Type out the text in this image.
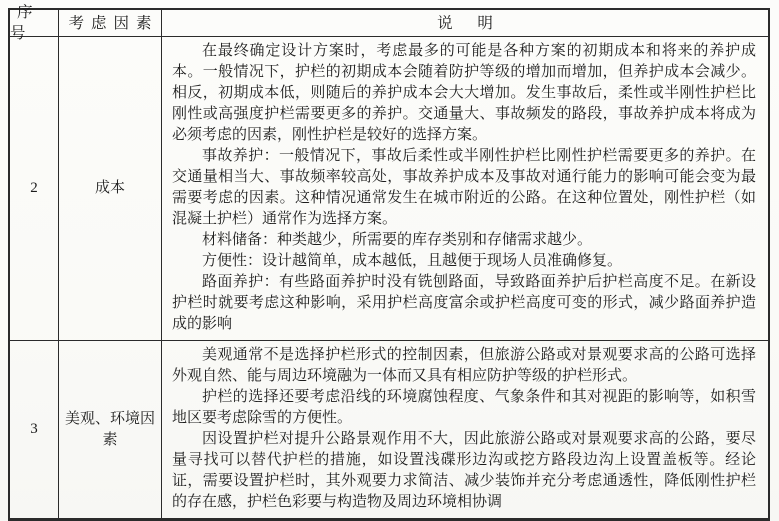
序号
考虑因素	说明
2	成本

在最终确定设计方案时，考虑最多的可能是各种方案的初期成本和将来的养护成本。一般情况下，护栏的初期成本会随着防护等级的增加而增加，但养护成本会减少。相反，初期成本低，则随后的养护成本会大大增加。发生事故后，柔性或半刚性护栏比刚性或高强度护栏需要更多的养护。交通量大、事故频发的路段，事故养护成本将成为必须考虑的因素，刚性护栏是较好的选择方案。

事故养护：一般情况下，事故后柔性或半刚性护栏比刚性护栏需要更多的养护。在交通量相当大、事故频率较高处，事故养护成本及事故对通行能力的影响可能会变为最需要考虑的因素。这种情况通常发生在城市附近的公路。在这种位置处，刚性护栏（如混凝土护栏）通常作为选择方案。

材料储备：种类越少，所需要的库存类别和存储需求越少。

方便性：设计越简单，成本越低，且越便于现场人员准确修复。

路面养护：有些路面养护时没有铣刨路面，导致路面养护后护栏高度不足。在新设护栏时就要考虑这种影响，采用护栏高度富余或护栏高度可变的形式，减少路面养护造成的影响

3
美观、环境因素

美观通常不是选择护栏形式的控制因素，但旅游公路或对景观要求高的公路可选择外观自然、能与周边环境融为一体而又具有相应防护等级的护栏形式。

护栏的选择还要考虑沿线的环境腐蚀程度、气象条件和其对视距的影响等，如积雪地区要考虑除雪的方便性。

因设置护栏对提升公路景观作用不大，因此旅游公路或对景观要求高的公路，要尽量寻找可以替代护栏的措施，如设置浅碟形边沟或挖方路段边沟上设置盖板等。经论证，需要设置护栏时，其外观要力求简洁、减少装饰并充分考虑通透性，降低刚性护栏的存在感，护栏色彩要与构造物及周边环境相协调
